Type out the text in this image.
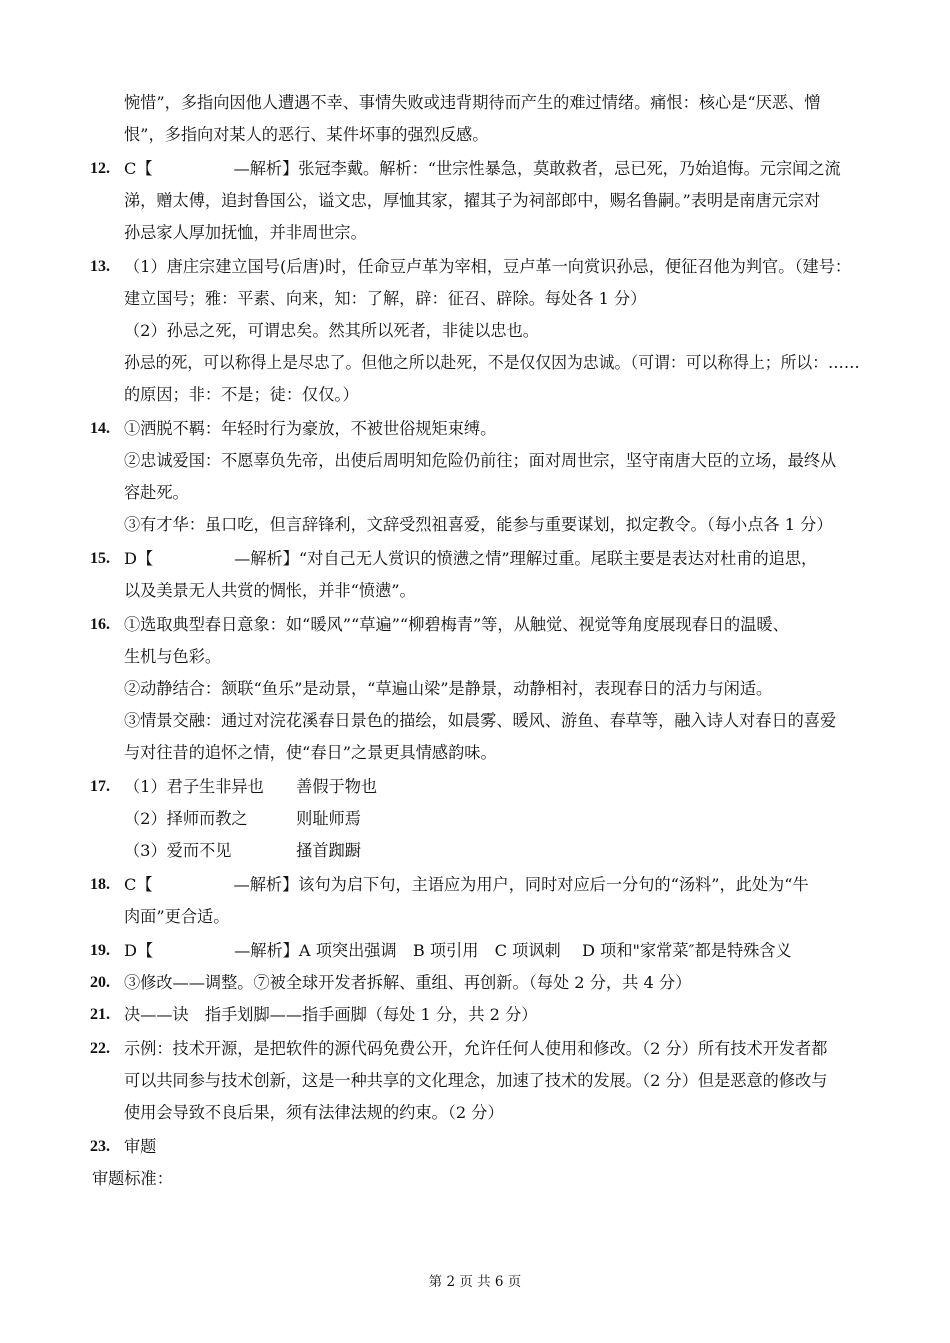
惋惜”，多指向因他人遭遇不幸、事情失败或违背期待而产生的难过情绪。痛恨：核心是“厌恶、憎
恨”，多指向对某人的恶行、某件坏事的强烈反感。
12. C【　　　　　—解析】张冠李戴。解析：“世宗性暴急，莫敢救者，忌已死，乃始追悔。元宗闻之流
涕，赠太傅，追封鲁国公，谥文忠，厚恤其家，擢其子为祠部郎中，赐名鲁嗣。”表明是南唐元宗对
孙忌家人厚加抚恤，并非周世宗。
13. （1）唐庄宗建立国号(后唐)时，任命豆卢革为宰相，豆卢革一向赏识孙忌，便征召他为判官。（建号：
建立国号；雅：平素、向来，知：了解，辟：征召、辟除。每处各 1 分）
（2）孙忌之死，可谓忠矣。然其所以死者，非徒以忠也。
孙忌的死，可以称得上是尽忠了。但他之所以赴死，不是仅仅因为忠诚。（可谓：可以称得上；所以：……
的原因；非：不是；徒：仅仅。）
14. ①洒脱不羁：年轻时行为豪放，不被世俗规矩束缚。
②忠诚爱国：不愿辜负先帝，出使后周明知危险仍前往；面对周世宗，坚守南唐大臣的立场，最终从
容赴死。
③有才华：虽口吃，但言辞锋利，文辞受烈祖喜爱，能参与重要谋划，拟定教令。（每小点各 1 分）
15. D【　　　　　—解析】“对自己无人赏识的愤懑之情”理解过重。尾联主要是表达对杜甫的追思，
以及美景无人共赏的惆怅，并非“愤懑”。
16. ①选取典型春日意象：如“暖风”“草遍”“柳碧梅青”等，从触觉、视觉等角度展现春日的温暖、
生机与色彩。
②动静结合：颔联“鱼乐”是动景，“草遍山梁”是静景，动静相衬，表现春日的活力与闲适。
③情景交融：通过对浣花溪春日景色的描绘，如晨雾、暖风、游鱼、春草等，融入诗人对春日的喜爱
与对往昔的追怀之情，使“春日”之景更具情感韵味。
17. （1）君子生非异也　　善假于物也
（2）择师而教之　　　则耻师焉
（3）爱而不见　　　　搔首踟蹰
18. C【　　　　　—解析】该句为启下句，主语应为用户，同时对应后一分句的“汤料”，此处为“牛
肉面”更合适。
19. D【　　　　　—解析】A 项突出强调　B 项引用　C 项讽刺　 D 项和"家常菜″都是特殊含义
20. ③修改——调整。⑦被全球开发者拆解、重组、再创新。（每处 2 分，共 4 分）
21. 决——诀　指手划脚——指手画脚（每处 1 分，共 2 分）
22. 示例：技术开源，是把软件的源代码免费公开，允许任何人使用和修改。（2 分）所有技术开发者都
可以共同参与技术创新，这是一种共享的文化理念，加速了技术的发展。（2 分）但是恶意的修改与
使用会导致不良后果，须有法律法规的约束。（2 分）
23. 审题
审题标准：
第 2 页 共 6 页
